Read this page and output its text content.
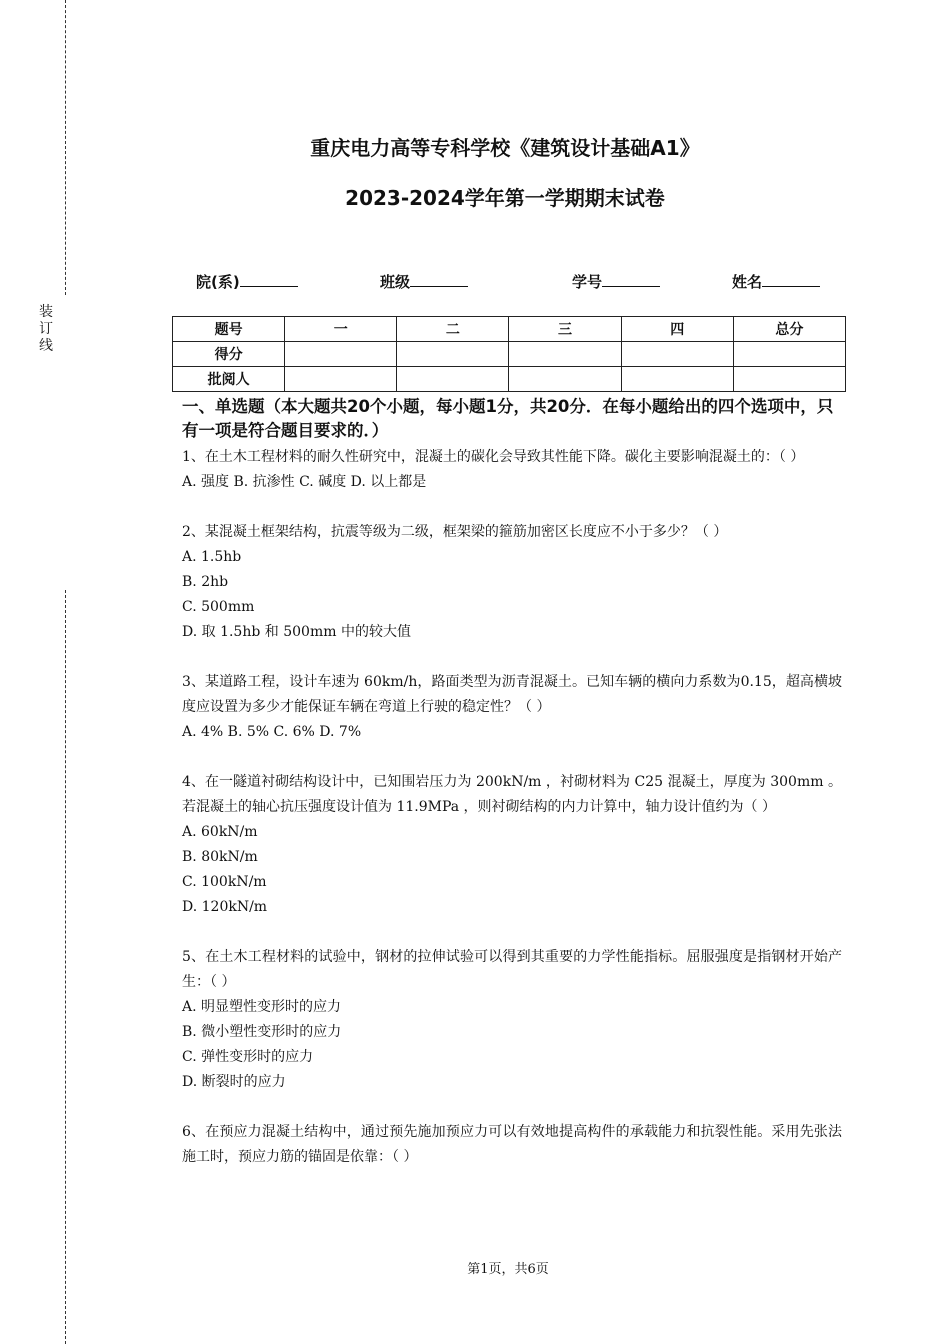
装
订
线
重庆电力高等专科学校《建筑设计基础A1》
2023-2024学年第一学期期末试卷
院(系)	班级	学号	姓名
题号	一	二	三	四	总分
得分					
批阅人					

一、单选题（本大题共20个小题，每小题1分，共20分．在每小题给出的四个选项中，只有一项是符合题目要求的．）

1、在土木工程材料的耐久性研究中，混凝土的碳化会导致其性能下降。碳化主要影响混凝土的：（ ）

A. 强度 B. 抗渗性 C. 碱度 D. 以上都是

2、某混凝土框架结构，抗震等级为二级，框架梁的箍筋加密区长度应不小于多少？（ ）

A. 1.5hb

B. 2hb

C. 500mm

D. 取 1.5hb 和 500mm 中的较大值

3、某道路工程，设计车速为 60km/h，路面类型为沥青混凝土。已知车辆的横向力系数为0.15，超高横坡度应设置为多少才能保证车辆在弯道上行驶的稳定性？（ ）

A. 4% B. 5% C. 6% D. 7%

4、在一隧道衬砌结构设计中，已知围岩压力为 200kN/m ，衬砌材料为 C25 混凝土，厚度为 300mm 。若混凝土的轴心抗压强度设计值为 11.9MPa ，则衬砌结构的内力计算中，轴力设计值约为（ ）

A. 60kN/m

B. 80kN/m

C. 100kN/m

D. 120kN/m

5、在土木工程材料的试验中，钢材的拉伸试验可以得到其重要的力学性能指标。屈服强度是指钢材开始产生：（ ）

A. 明显塑性变形时的应力

B. 微小塑性变形时的应力

C. 弹性变形时的应力

D. 断裂时的应力

6、在预应力混凝土结构中，通过预先施加预应力可以有效地提高构件的承载能力和抗裂性能。采用先张法施工时，预应力筋的锚固是依靠：（ ）

第1页，共6页
